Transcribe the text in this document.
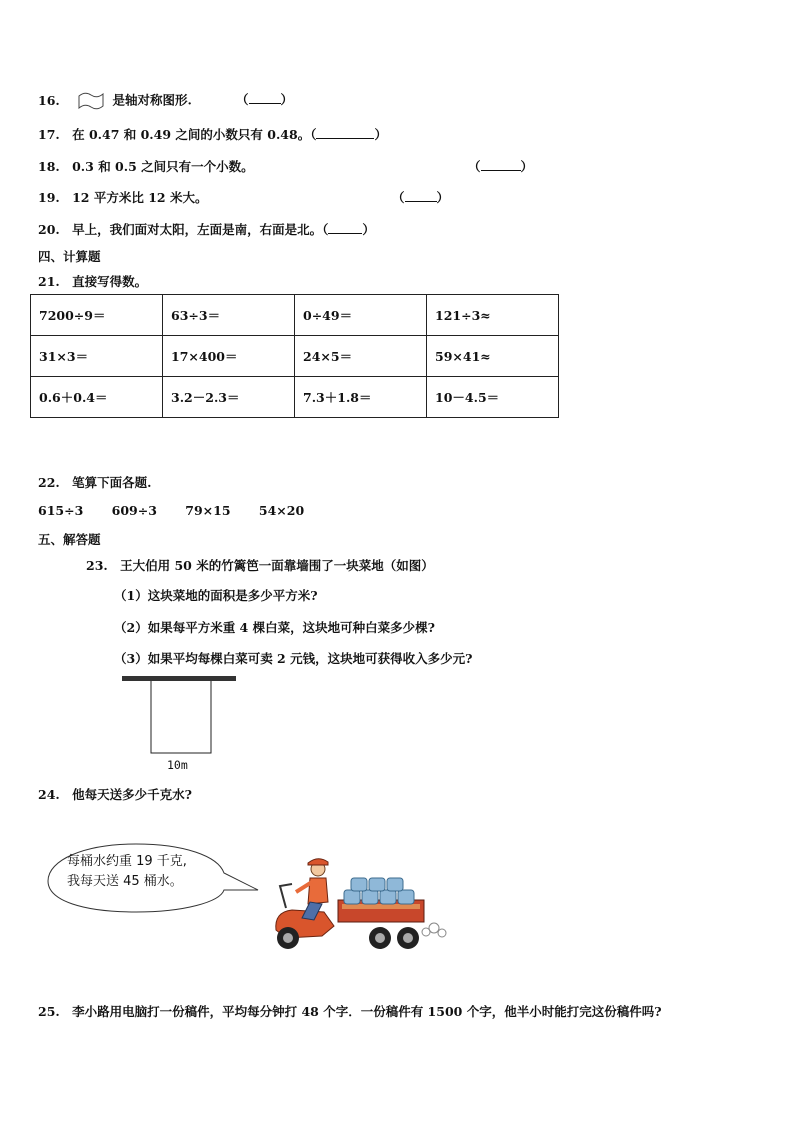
16.	是轴对称图形.	（	）
17. 在 0.47 和 0.49 之间的小数只有 0.48。（	）
18. 0.3 和 0.5 之间只有一个小数。	（	）
19. 12 平方米比 12 米大。	（	）
20. 早上，我们面对太阳，左面是南，右面是北。（	）
四、计算题
21. 直接写得数。
7200÷9＝	63÷3＝	0÷49＝	121÷3≈
31×3＝	17×400＝	24×5＝	59×41≈
0.6＋0.4＝	3.2－2.3＝	7.3＋1.8＝	10－4.5＝
22. 笔算下面各题.
615÷3 609÷3 79×15 54×20
五、解答题
23. 王大伯用 50 米的竹篱笆一面靠墙围了一块菜地（如图）
（1）这块菜地的面积是多少平方米?
（2）如果每平方米重 4 棵白菜，这块地可种白菜多少棵?
（3）如果平均每棵白菜可卖 2 元钱，这块地可获得收入多少元?
10m
24. 他每天送多少千克水?
每桶水约重 19 千克,
我每天送 45 桶水。
25. 李小路用电脑打一份稿件，平均每分钟打 48 个字．一份稿件有 1500 个字，他半小时能打完这份稿件吗?
